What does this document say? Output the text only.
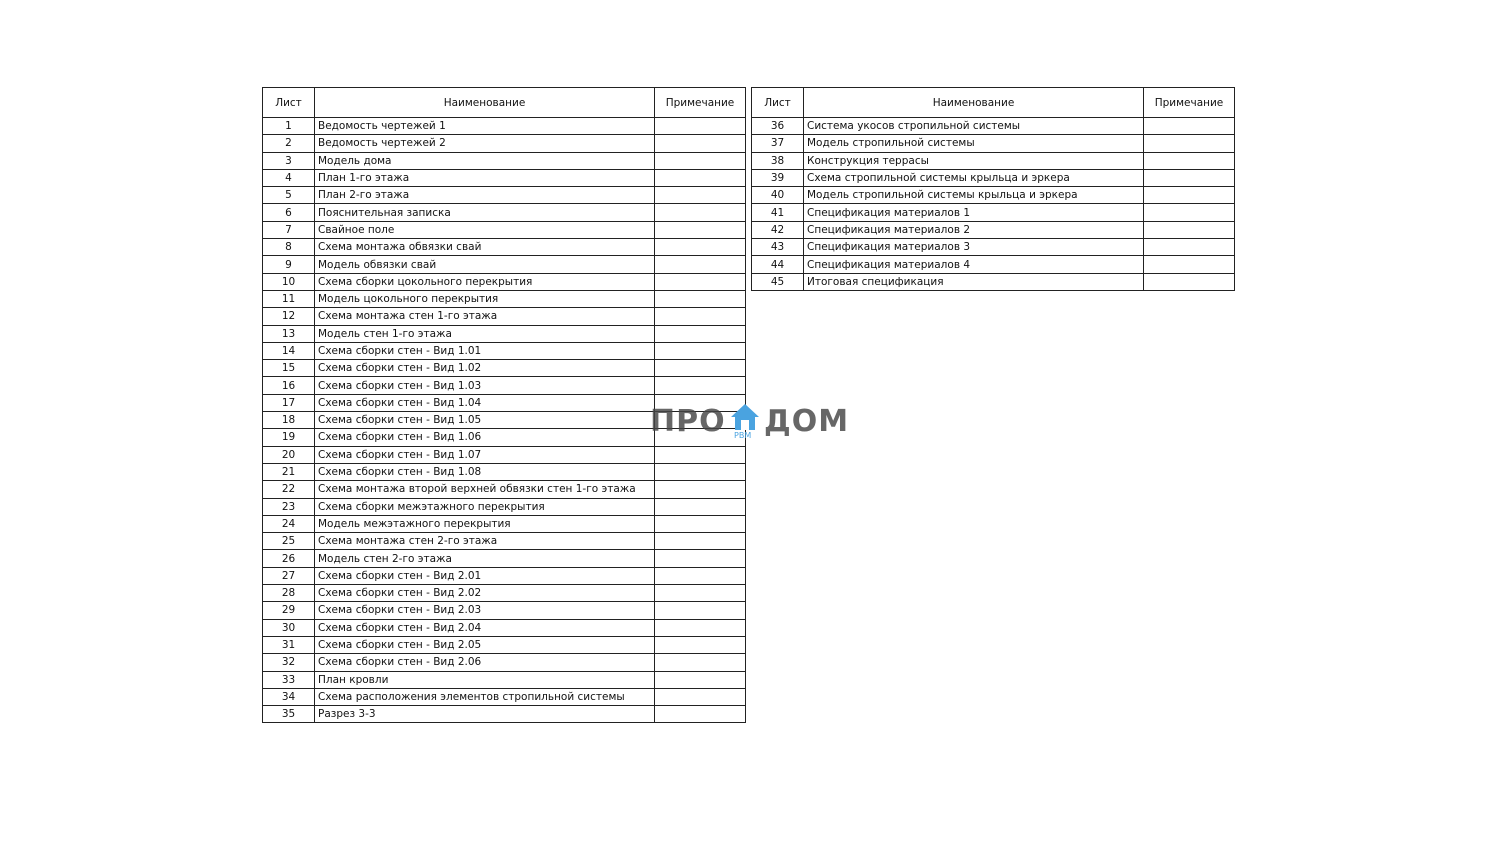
Лист	Наименование	Примечание
1	Ведомость чертежей 1	
2	Ведомость чертежей 2	
3	Модель дома	
4	План 1-го этажа	
5	План 2-го этажа	
6	Пояснительная записка	
7	Свайное поле	
8	Схема монтажа обвязки свай	
9	Модель обвязки свай	
10	Схема сборки цокольного перекрытия	
11	Модель цокольного перекрытия	
12	Схема монтажа стен 1-го этажа	
13	Модель стен 1-го этажа	
14	Схема сборки стен - Вид 1.01	
15	Схема сборки стен - Вид 1.02	
16	Схема сборки стен - Вид 1.03	
17	Схема сборки стен - Вид 1.04	
18	Схема сборки стен - Вид 1.05	
19	Схема сборки стен - Вид 1.06	
20	Схема сборки стен - Вид 1.07	
21	Схема сборки стен - Вид 1.08	
22	Схема монтажа второй верхней обвязки стен 1-го этажа	
23	Схема сборки межэтажного перекрытия	
24	Модель межэтажного перекрытия	
25	Схема монтажа стен 2-го этажа	
26	Модель стен 2-го этажа	
27	Схема сборки стен - Вид 2.01	
28	Схема сборки стен - Вид 2.02	
29	Схема сборки стен - Вид 2.03	
30	Схема сборки стен - Вид 2.04	
31	Схема сборки стен - Вид 2.05	
32	Схема сборки стен - Вид 2.06	
33	План кровли	
34	Схема расположения элементов стропильной системы	
35	Разрез 3-3	
Лист	Наименование	Примечание
36	Система укосов стропильной системы	
37	Модель стропильной системы	
38	Конструкция террасы	
39	Схема стропильной системы крыльца и эркера	
40	Модель стропильной системы крыльца и эркера	
41	Спецификация материалов 1	
42	Спецификация материалов 2	
43	Спецификация материалов 3	
44	Спецификация материалов 4	
45	Итоговая спецификация	
ПРО РВМ ДОМ
